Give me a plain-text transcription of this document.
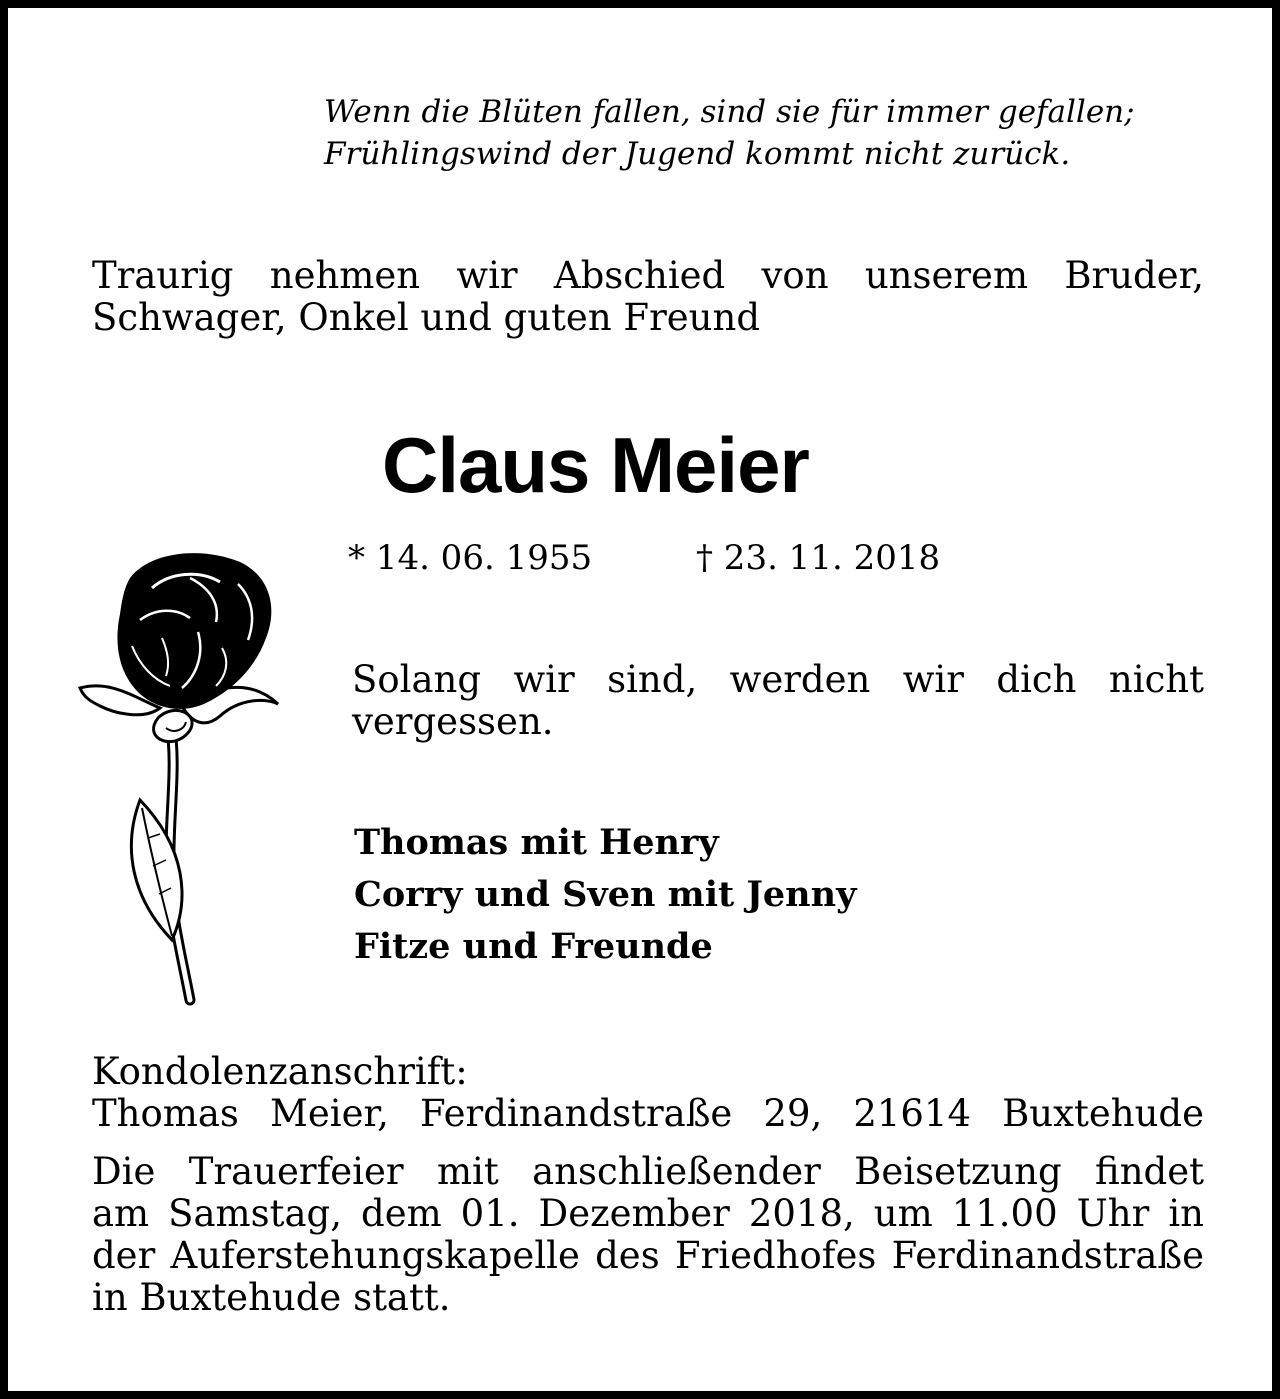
Wenn die Blüten fallen, sind sie für immer gefallen;
Frühlingswind der Jugend kommt nicht zurück.
Traurig nehmen wir Abschied von unserem Bruder,
Schwager, Onkel und guten Freund
Claus Meier
* 14. 06. 1955	† 23. 11. 2018
Solang wir sind, werden wir dich nicht
vergessen.
Thomas mit Henry
Corry und Sven mit Jenny
Fitze und Freunde
Kondolenzanschrift:
Thomas Meier, Ferdinandstraße 29, 21614 Buxtehude
Die Trauerfeier mit anschließender Beisetzung findet
am Samstag, dem 01. Dezember 2018, um 11.00 Uhr in
der Auferstehungskapelle des Friedhofes Ferdinandstraße
in Buxtehude statt.
